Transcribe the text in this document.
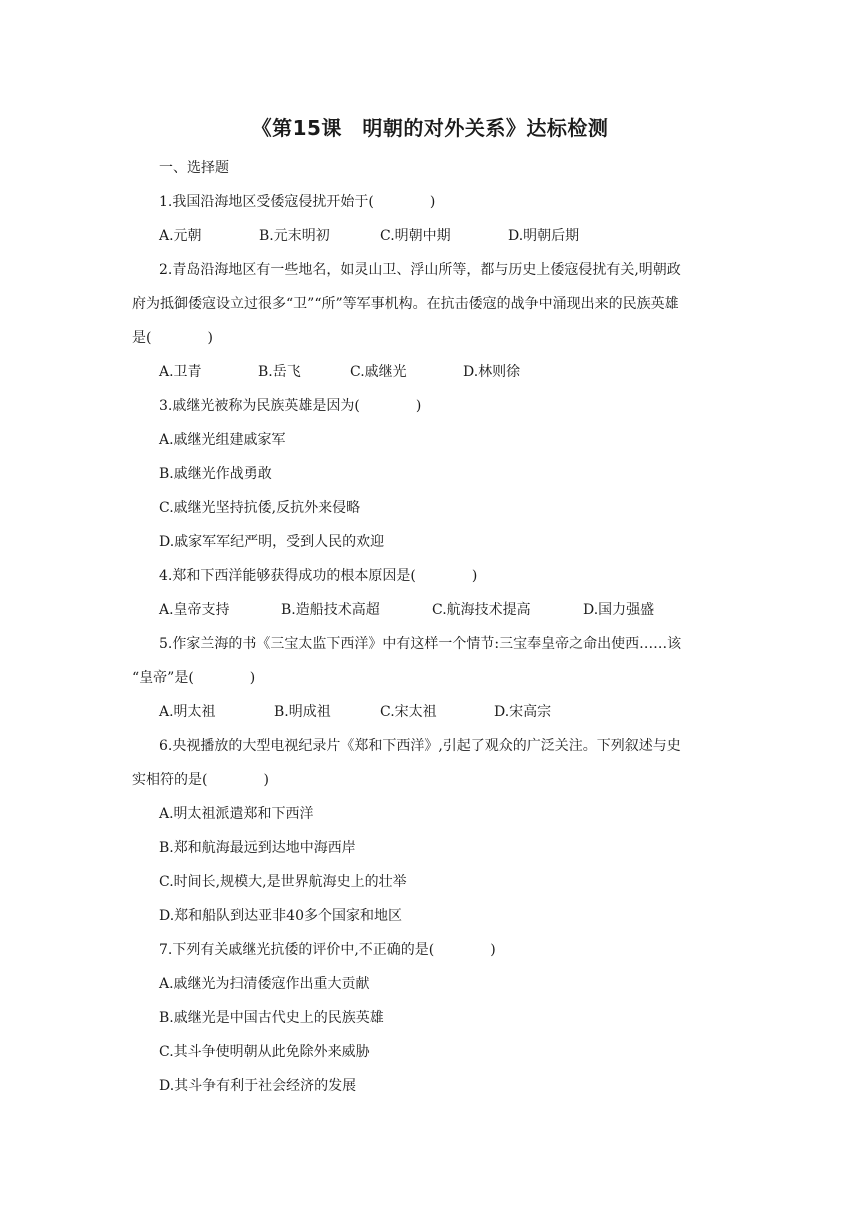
《第15课　明朝的对外关系》达标检测
一、选择题
1.我国沿海地区受倭寇侵扰开始于(　　　　)
A.元朝	B.元末明初	C.明朝中期	D.明朝后期
2.青岛沿海地区有一些地名，如灵山卫、浮山所等，都与历史上倭寇侵扰有关,明朝政
府为抵御倭寇设立过很多“卫”“所”等军事机构。在抗击倭寇的战争中涌现出来的民族英雄
是(　　　　)
A.卫青	B.岳飞	C.戚继光	D.林则徐
3.戚继光被称为民族英雄是因为(　　　　)
A.戚继光组建戚家军
B.戚继光作战勇敢
C.戚继光坚持抗倭,反抗外来侵略
D.戚家军军纪严明，受到人民的欢迎
4.郑和下西洋能够获得成功的根本原因是(　　　　)
A.皇帝支持	B.造船技术高超	C.航海技术提高	D.国力强盛
5.作家兰海的书《三宝太监下西洋》中有这样一个情节:三宝奉皇帝之命出使西……该
“皇帝”是(　　　　)
A.明太祖	B.明成祖	C.宋太祖	D.宋高宗
6.央视播放的大型电视纪录片《郑和下西洋》,引起了观众的广泛关注。下列叙述与史
实相符的是(　　　　)
A.明太祖派遣郑和下西洋
B.郑和航海最远到达地中海西岸
C.时间长,规模大,是世界航海史上的壮举
D.郑和船队到达亚非40多个国家和地区
7.下列有关戚继光抗倭的评价中,不正确的是(　　　　)
A.戚继光为扫清倭寇作出重大贡献
B.戚继光是中国古代史上的民族英雄
C.其斗争使明朝从此免除外来威胁
D.其斗争有利于社会经济的发展
